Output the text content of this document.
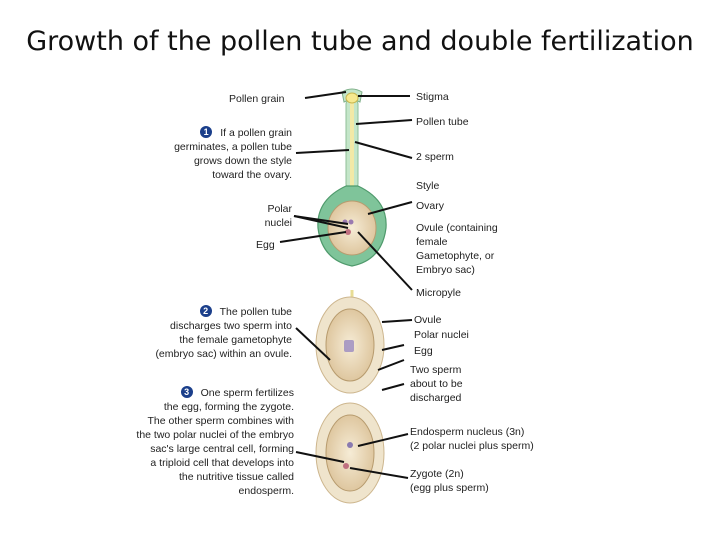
Growth of the pollen tube and double fertilization
Pollen grain
1 If a pollen grain
germinates, a pollen tube
grows down the style
toward the ovary.
Polar
nuclei
Egg
2 The pollen tube
discharges two sperm into
the female gametophyte
(embryo sac) within an ovule.
3 One sperm fertilizes
the egg, forming the zygote.
The other sperm combines with
the two polar nuclei of the embryo
sac's large central cell, forming
a triploid cell that develops into
the nutritive tissue called
endosperm.
Stigma
Pollen tube
2 sperm
Style
Ovary
Ovule (containing
female
Gametophyte, or
Embryo sac)
Micropyle
Ovule
Polar nuclei
Egg
Two sperm
about to be
discharged
Endosperm nucleus (3n)
(2 polar nuclei plus sperm)
Zygote (2n)
(egg plus sperm)
